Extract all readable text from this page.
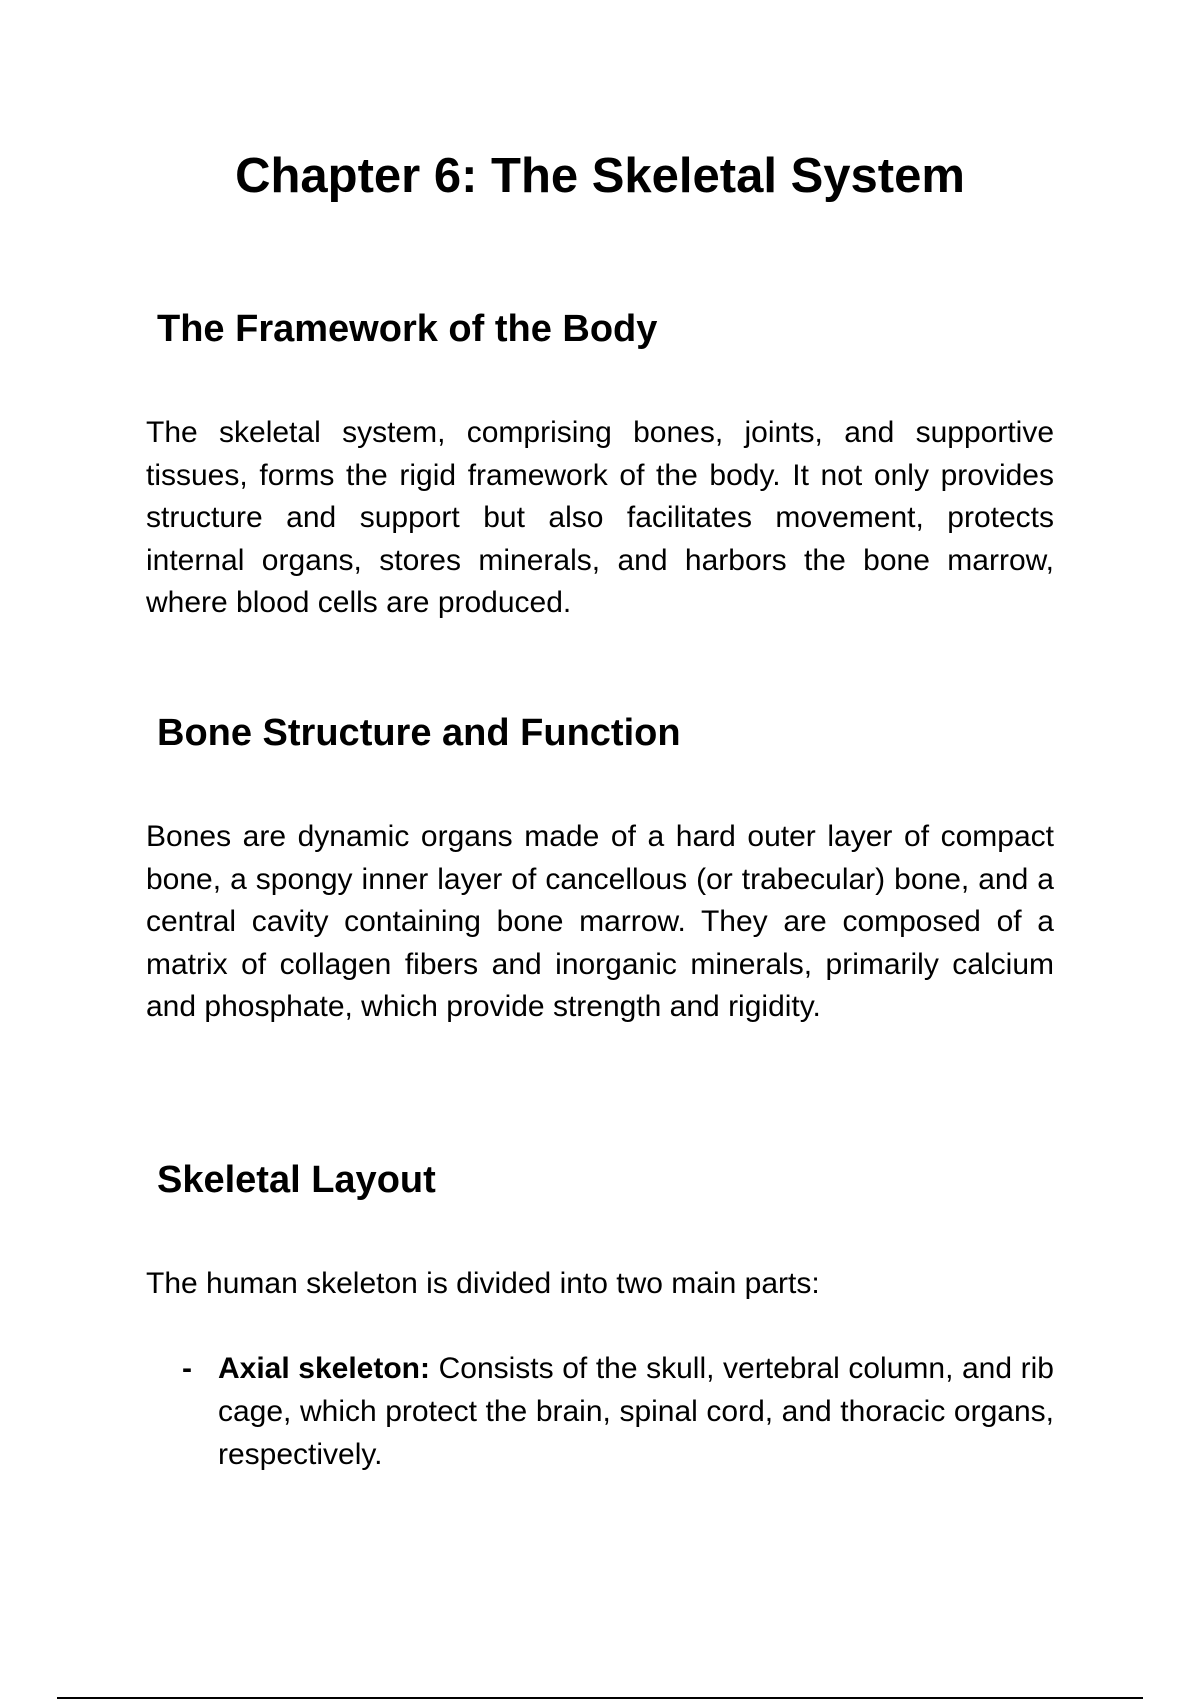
Chapter 6: The Skeletal System
The Framework of the Body

The skeletal system, comprising bones, joints, and supportive tissues, forms the rigid framework of the body. It not only provides structure and support but also facilitates movement, protects internal organs, stores minerals, and harbors the bone marrow, where blood cells are produced.

Bone Structure and Function

Bones are dynamic organs made of a hard outer layer of compact bone, a spongy inner layer of cancellous (or trabecular) bone, and a central cavity containing bone marrow. They are composed of a matrix of collagen fibers and inorganic minerals, primarily calcium and phosphate, which provide strength and rigidity.

Skeletal Layout

The human skeleton is divided into two main parts:

- Axial skeleton: Consists of the skull, vertebral column, and rib cage, which protect the brain, spinal cord, and thoracic organs, respectively.
